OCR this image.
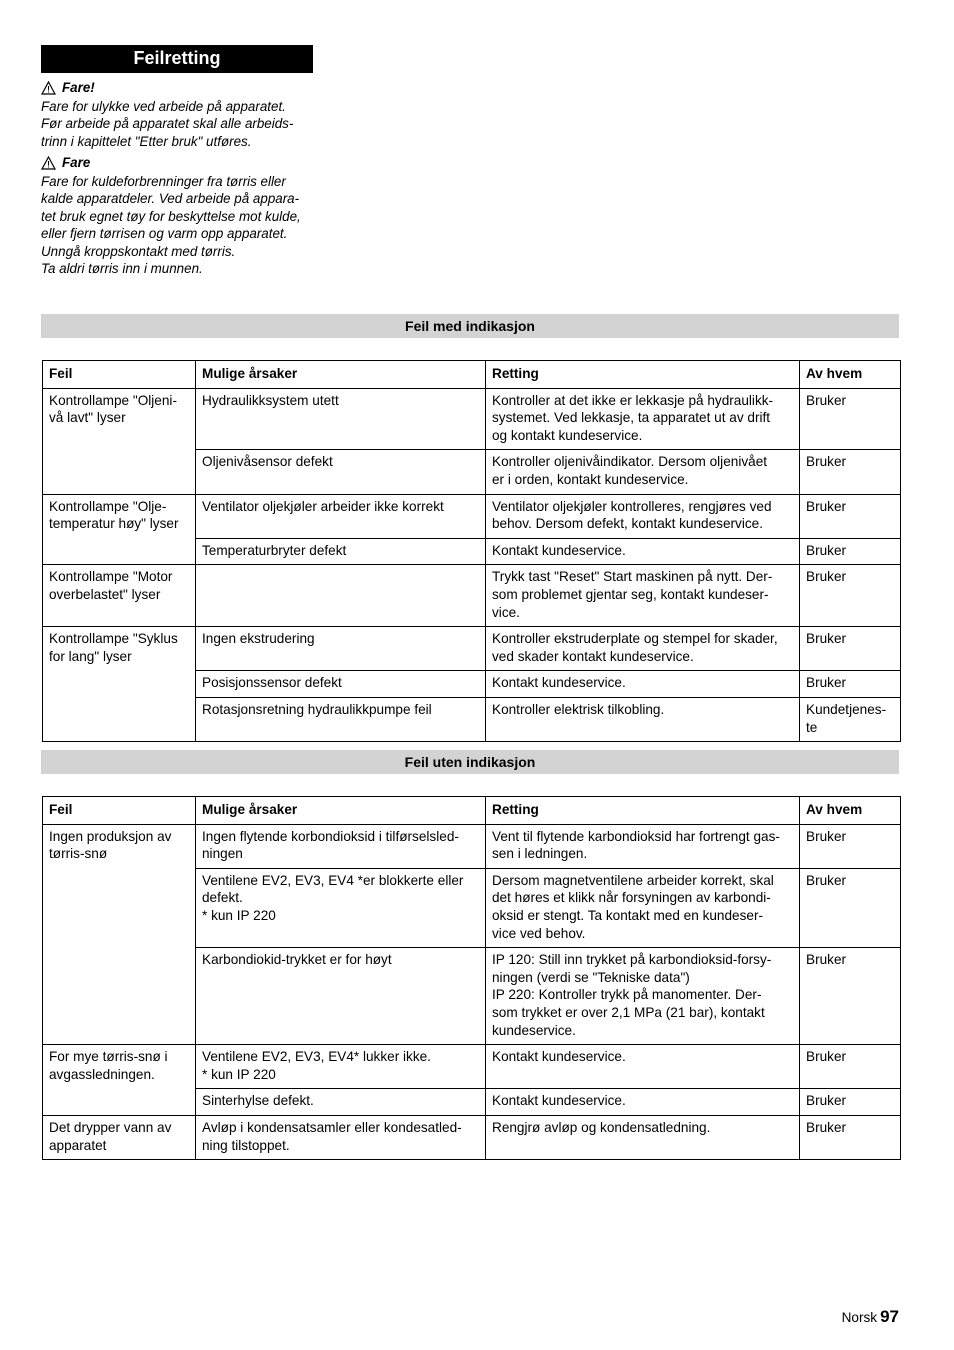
Feilretting
Fare!
Fare for ulykke ved arbeide på apparatet.
Før arbeide på apparatet skal alle arbeids-
trinn i kapittelet "Etter bruk" utføres.
Fare
Fare for kuldeforbrenninger fra tørris eller
kalde apparatdeler. Ved arbeide på appara-
tet bruk egnet tøy for beskyttelse mot kulde,
eller fjern tørrisen og varm opp apparatet.
Unngå kroppskontakt med tørris.
Ta aldri tørris inn i munnen.
Feil med indikasjon
Feil	Mulige årsaker	Retting	Av hvem
Kontrollampe "Oljeni-
vå lavt" lyser	Hydraulikksystem utett	Kontroller at det ikke er lekkasje på hydraulikk-
systemet. Ved lekkasje, ta apparatet ut av drift
og kontakt kundeservice.	Bruker
	Oljenivåsensor defekt	Kontroller oljenivåindikator. Dersom oljenivået
er i orden, kontakt kundeservice.	Bruker
Kontrollampe "Olje-
temperatur høy" lyser	Ventilator oljekjøler arbeider ikke korrekt	Ventilator oljekjøler kontrolleres, rengjøres ved
behov. Dersom defekt, kontakt kundeservice.	Bruker
	Temperaturbryter defekt	Kontakt kundeservice.	Bruker
Kontrollampe "Motor
overbelastet" lyser		Trykk tast "Reset" Start maskinen på nytt. Der-
som problemet gjentar seg, kontakt kundeser-
vice.	Bruker
Kontrollampe "Syklus
for lang" lyser	Ingen ekstrudering	Kontroller ekstruderplate og stempel for skader,
ved skader kontakt kundeservice.	Bruker
	Posisjonssensor defekt	Kontakt kundeservice.	Bruker
	Rotasjonsretning hydraulikkpumpe feil	Kontroller elektrisk tilkobling.	Kundetjenes-
te
Feil uten indikasjon
Feil	Mulige årsaker	Retting	Av hvem
Ingen produksjon av
tørris-snø	Ingen flytende korbondioksid i tilførselsled-
ningen	Vent til flytende karbondioksid har fortrengt gas-
sen i ledningen.	Bruker
	Ventilene EV2, EV3, EV4 *er blokkerte eller
defekt.
* kun IP 220	Dersom magnetventilene arbeider korrekt, skal
det høres et klikk når forsyningen av karbondi-
oksid er stengt. Ta kontakt med en kundeser-
vice ved behov.	Bruker
	Karbondiokid-trykket er for høyt	IP 120: Still inn trykket på karbondioksid-forsy-
ningen (verdi se "Tekniske data")
IP 220: Kontroller trykk på manomenter. Der-
som trykket er over 2,1 MPa (21 bar), kontakt
kundeservice.	Bruker
For mye tørris-snø i
avgassledningen.	Ventilene EV2, EV3, EV4* lukker ikke.
* kun IP 220	Kontakt kundeservice.	Bruker
	Sinterhylse defekt.	Kontakt kundeservice.	Bruker
Det drypper vann av
apparatet	Avløp i kondensatsamler eller kondesatled-
ning tilstoppet.	Rengjrø avløp og kondensatledning.	Bruker
Norsk 97
